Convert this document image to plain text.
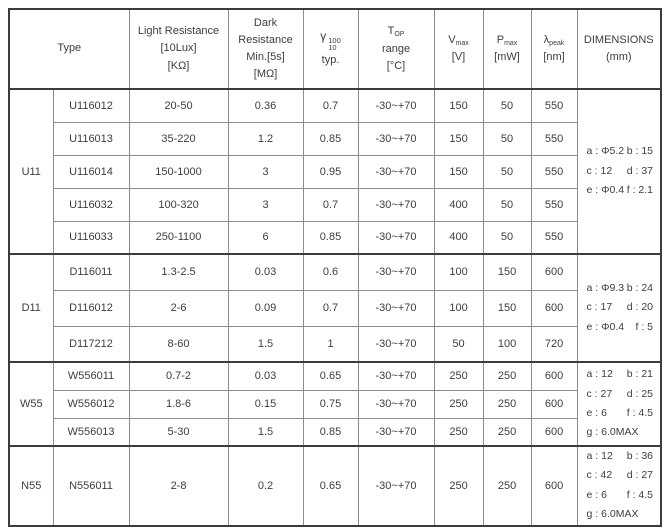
Type	
Light Resistance
[10Lux]
[KΩ]

Dark
Resistance
Min.[5s]
[MΩ]

γ 100
10
typ.

$T_{OP}$
range
[°C]

$V_{max}$
[V]

$P_{max}$
[mW]

$\lambda_{peak}$
[nm]

DIMENSIONS
(mm)

U11	U116012	20-50	0.36	0.7	-30~+70	150	50	550	
a : Φ5.2 b : 15
c : 12 d : 37
e : Φ0.4 f : 2.1

	U116013	35-220	1.2	0.85	-30~+70	150	50	550	
	U116014	150-1000	3	0.95	-30~+70	150	50	550	
	U116032	100-320	3	0.7	-30~+70	400	50	550	
	U116033	250-1100	6	0.85	-30~+70	400	50	550	
D11	D116011	1.3-2.5	0.03	0.6	-30~+70	100	150	600	
a : Φ9.3 b : 24
c : 17 d : 20
e : Φ0.4 f : 5

	D116012	2-6	0.09	0.7	-30~+70	100	150	600	
	D117212	8-60	1.5	1	-30~+70	50	100	720	
W55	W556011	0.7-2	0.03	0.65	-30~+70	250	250	600	a : 12 b : 21
c : 27 d : 25
e : 6 f : 4.5
g : 6.0MAX

	W556012	1.8-6	0.15	0.75	-30~+70	250	250	600	
	W556013	5-30	1.5	0.85	-30~+70	250	250	600	
N55	N556011	2-8	0.2	0.65	-30~+70	250	250	600	
a : 12 b : 36
c : 42 d : 27
e : 6 f : 4.5
g : 6.0MAX
